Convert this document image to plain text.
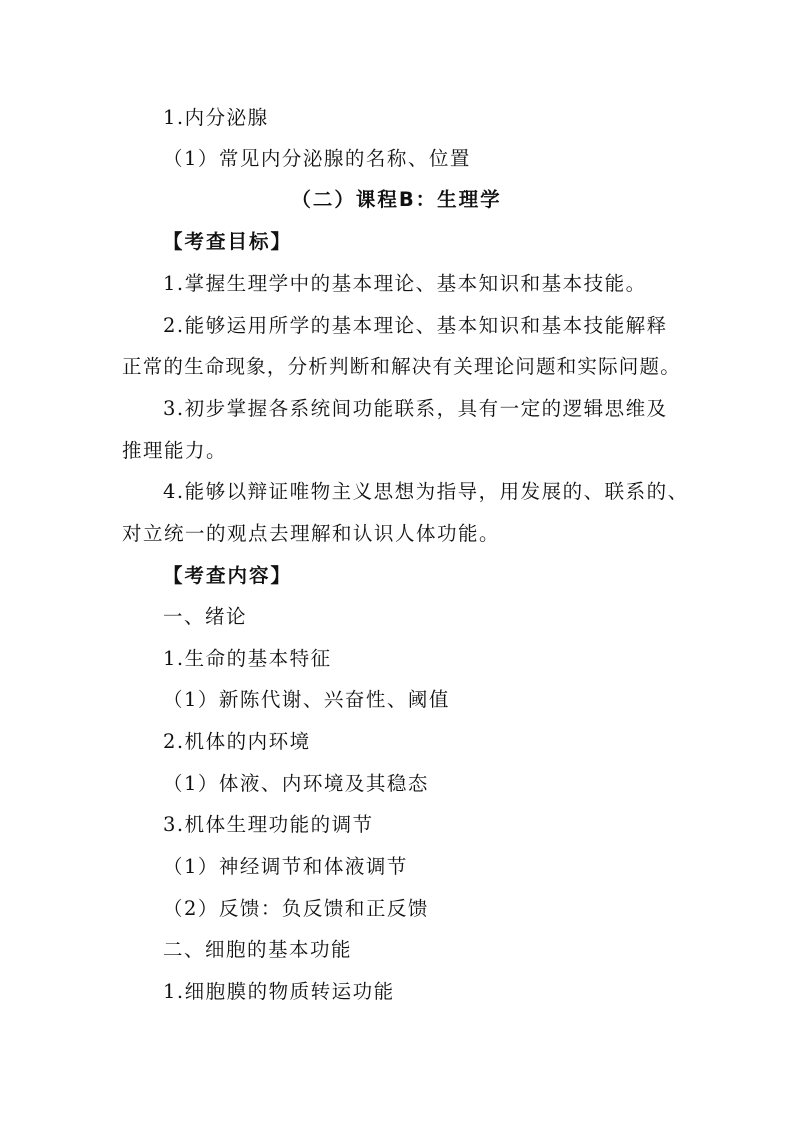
1.内分泌腺
（1）常见内分泌腺的名称、位置
（二）课程B：生理学
【考查目标】
1.掌握生理学中的基本理论、基本知识和基本技能。
2.能够运用所学的基本理论、基本知识和基本技能解释
正常的生命现象，分析判断和解决有关理论问题和实际问题。
3.初步掌握各系统间功能联系，具有一定的逻辑思维及
推理能力。
4.能够以辩证唯物主义思想为指导，用发展的、联系的、
对立统一的观点去理解和认识人体功能。
【考查内容】
一、绪论
1.生命的基本特征
（1）新陈代谢、兴奋性、阈值
2.机体的内环境
（1）体液、内环境及其稳态
3.机体生理功能的调节
（1）神经调节和体液调节
（2）反馈：负反馈和正反馈
二、细胞的基本功能
1.细胞膜的物质转运功能
